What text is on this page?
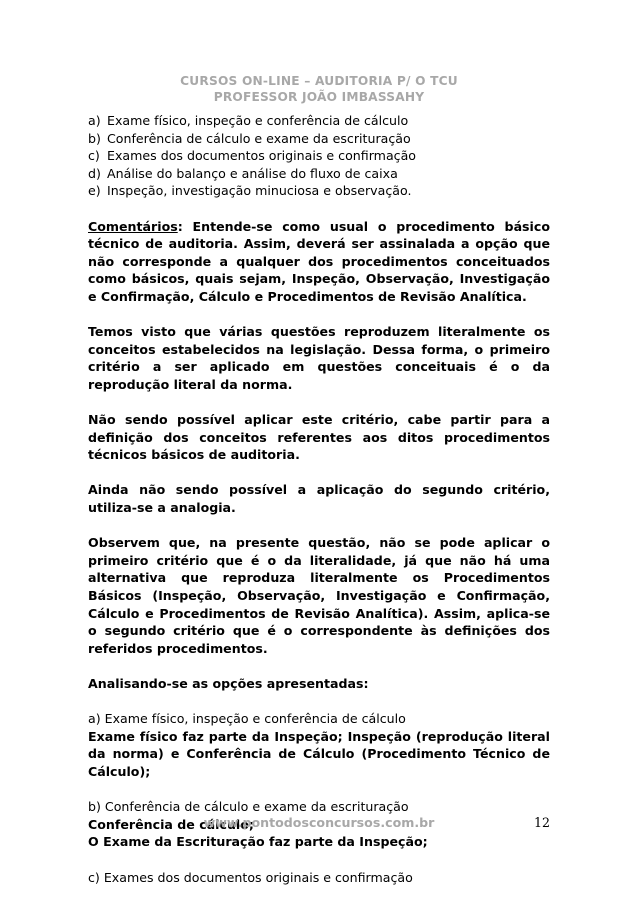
CURSOS ON-LINE – AUDITORIA P/ O TCU
PROFESSOR JOÃO IMBASSAHY
a) Exame físico, inspeção e conferência de cálculo
b) Conferência de cálculo e exame da escrituração
c) Exames dos documentos originais e confirmação
d) Análise do balanço e análise do fluxo de caixa
e) Inspeção, investigação minuciosa e observação.

Comentários: Entende-se como usual o procedimento básico técnico de auditoria. Assim, deverá ser assinalada a opção que não corresponde a qualquer dos procedimentos conceituados como básicos, quais sejam, Inspeção, Observação, Investigação e Confirmação, Cálculo e Procedimentos de Revisão Analítica.

Temos visto que várias questões reproduzem literalmente os conceitos estabelecidos na legislação. Dessa forma, o primeiro critério a ser aplicado em questões conceituais é o da reprodução literal da norma.

Não sendo possível aplicar este critério, cabe partir para a definição dos conceitos referentes aos ditos procedimentos técnicos básicos de auditoria.

Ainda não sendo possível a aplicação do segundo critério, utiliza-se a analogia.

Observem que, na presente questão, não se pode aplicar o primeiro critério que é o da literalidade, já que não há uma alternativa que reproduza literalmente os Procedimentos Básicos (Inspeção, Observação, Investigação e Confirmação, Cálculo e Procedimentos de Revisão Analítica). Assim, aplica-se o segundo critério que é o correspondente às definições dos referidos procedimentos.

Analisando-se as opções apresentadas:

a) Exame físico, inspeção e conferência de cálculo

Exame físico faz parte da Inspeção; Inspeção (reprodução literal da norma) e Conferência de Cálculo (Procedimento Técnico de Cálculo);

b) Conferência de cálculo e exame da escrituração

Conferência de cálculo;

O Exame da Escrituração faz parte da Inspeção;

c) Exames dos documentos originais e confirmação

www.pontodosconcursos.com.br	12
